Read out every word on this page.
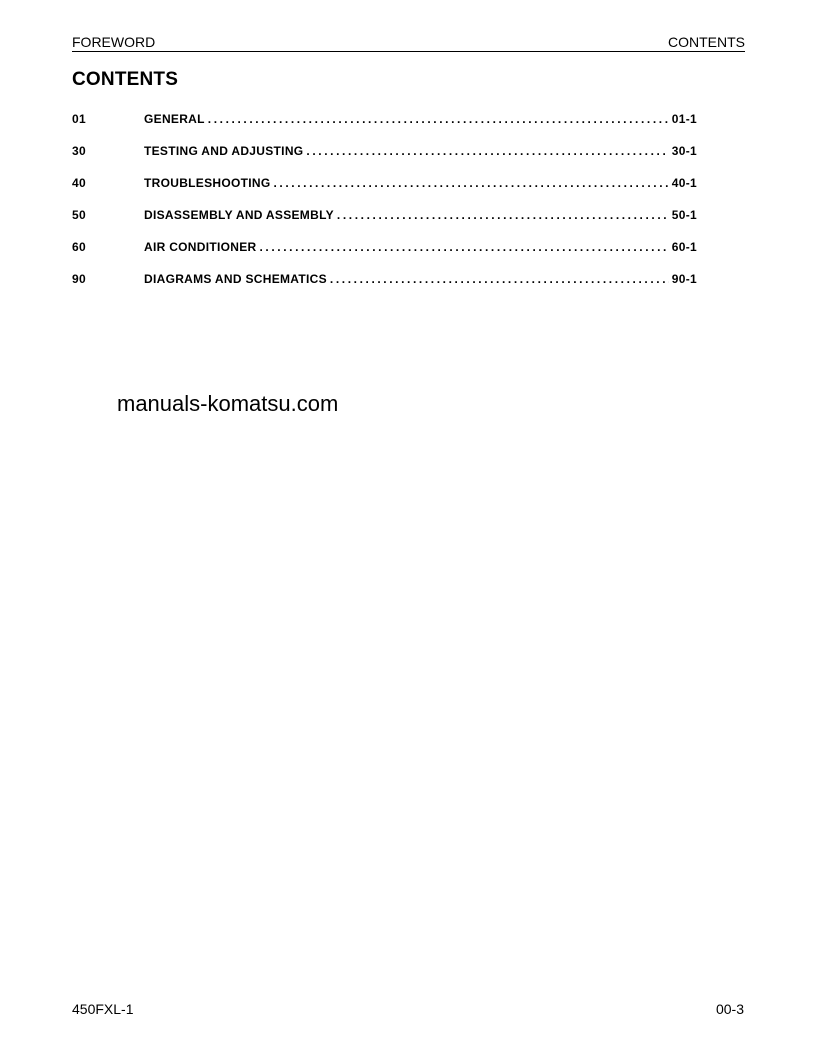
FOREWORD	CONTENTS
CONTENTS
01	GENERAL .....	01-1
30	TESTING AND ADJUSTING .....	30-1
40	TROUBLESHOOTING .....	40-1
50	DISASSEMBLY AND ASSEMBLY .....	50-1
60	AIR CONDITIONER .....	60-1
90	DIAGRAMS AND SCHEMATICS .....	90-1
manuals-komatsu.com
450FXL-1	00-3
